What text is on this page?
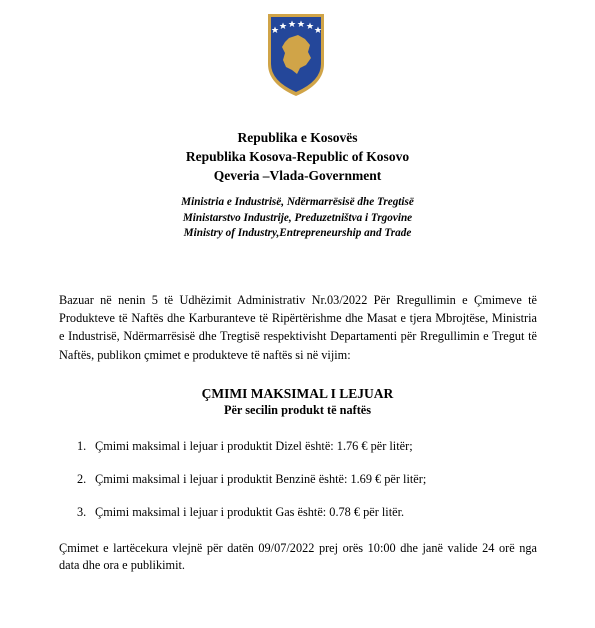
Republika e Kosovës
Republika Kosova-Republic of Kosovo
Qeveria –Vlada-Government
Ministria e Industrisë, Ndërmarrësisë dhe Tregtisë
Ministarstvo Industrije, Preduzetništva i Trgovine
Ministry of Industry,Entrepreneurship and Trade
Bazuar në nenin 5 të Udhëzimit Administrativ Nr.03/2022 Për Rregullimin e Çmimeve të Produkteve të Naftës dhe Karburanteve të Ripërtërishme dhe Masat e tjera Mbrojtëse, Ministria e Industrisë, Ndërmarrësisë dhe Tregtisë respektivisht Departamenti për Rregullimin e Tregut të Naftës, publikon çmimet e produkteve të naftës si në vijim:
ÇMIMI MAKSIMAL I LEJUAR
Për secilin produkt të naftës
1. Çmimi maksimal i lejuar i produktit Dizel është: 1.76 € për litër;
2. Çmimi maksimal i lejuar i produktit Benzinë është: 1.69 € për litër;
3. Çmimi maksimal i lejuar i produktit Gas është: 0.78 € për litër.
Çmimet e lartëcekura vlejnë për datën 09/07/2022 prej orës 10:00 dhe janë valide 24 orë nga data dhe ora e publikimit.
